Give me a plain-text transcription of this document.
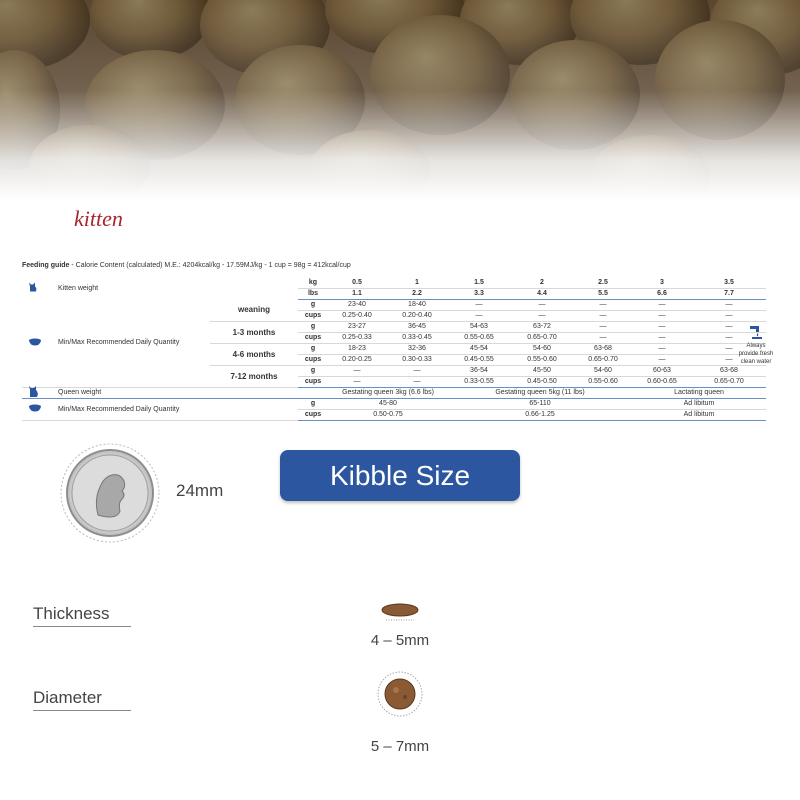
kitten
Feeding guide - Calorie Content (calculated) M.E.: 4204kcal/kg - 17.59MJ/kg - 1 cup = 98g = 412kcal/cup
Kitten weight		kg	0.5	1	1.5	2	2.5	3	3.5
		lbs	1.1	2.2	3.3	4.4	5.5	6.6	7.7

Min/Max Recommended Daily Quantity	weaning	g	23-40	18-40	—	—	—	—	—
		cups	0.25-0.40	0.20-0.40	—	—	—	—	—
	1-3 months	g	23-27	36-45	54-63	63-72	—	—	—
		cups	0.25-0.33	0.33-0.45	0.55-0.65	0.65-0.70	—	—	—
	4-6 months	g	18-23	32-36	45-54	54-60	63-68	—	—
		cups	0.20-0.25	0.30-0.33	0.45-0.55	0.55-0.60	0.65-0.70	—	—
	7-12 months	g	—	—	36-54	45-50	54-60	60-63	63-68
		cups	—	—	0.33-0.55	0.45-0.50	0.55-0.60	0.60-0.65	0.65-0.70

Queen weight			Gestating queen 3kg (6.6 lbs)		Gestating queen 5kg (11 lbs)			Lactating queen	

Min/Max Recommended Daily Quantity		g	45-80		65-110			Ad libitum	
		cups	0.50-0.75		0.66-1.25			Ad libitum	
Always provide fresh clean water
24mm	Kibble Size
Thickness
4 – 5mm
Diameter
5 – 7mm
